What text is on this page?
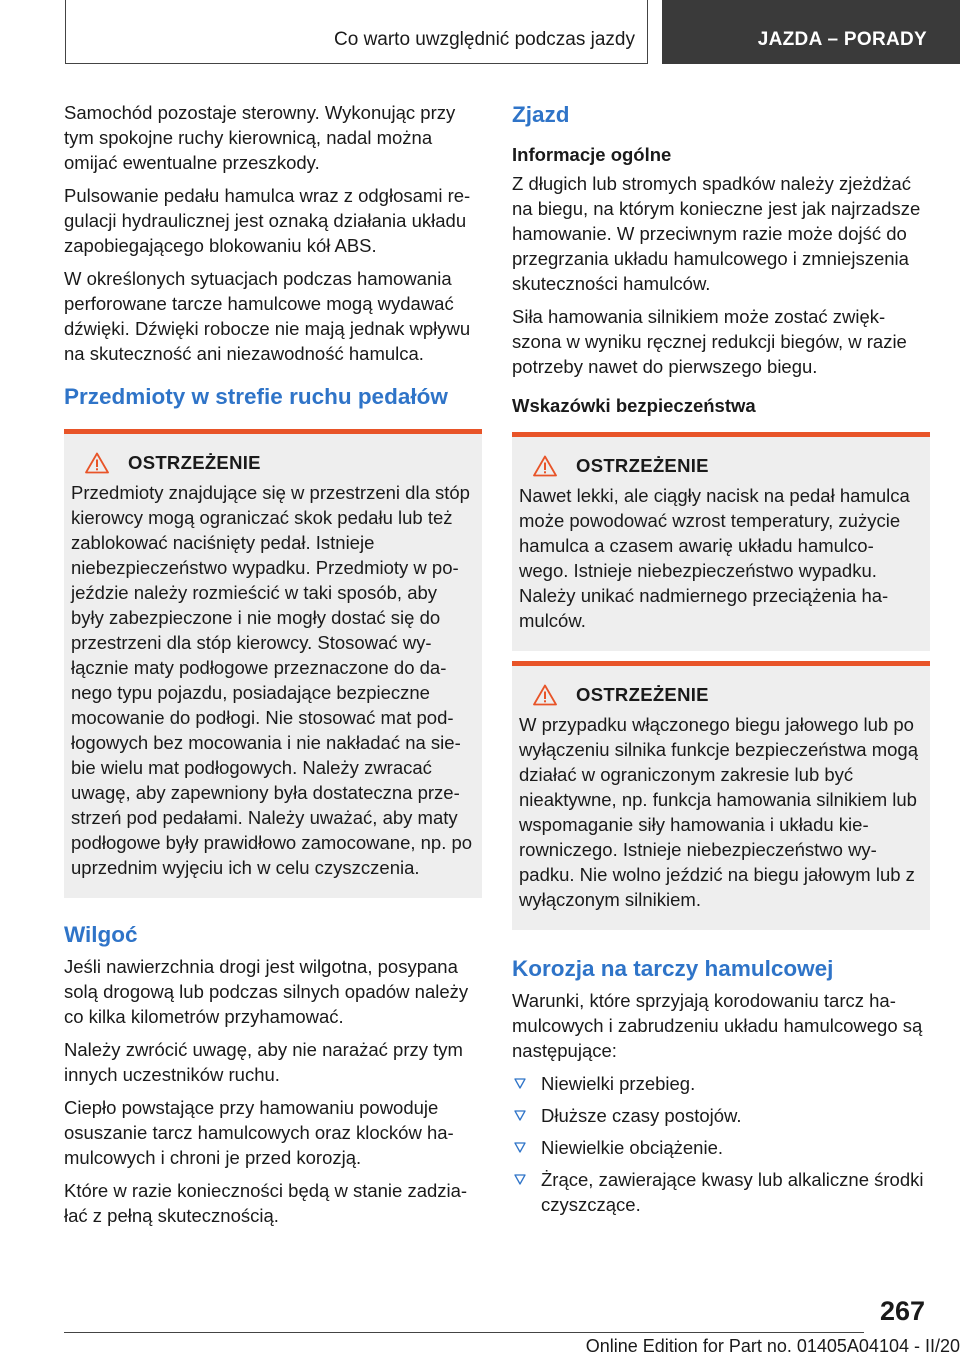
Co warto uwzględnić podczas jazdy	JAZDA – PORADY

Samochód pozostaje sterowny. Wykonując przy tym spokojne ruchy kierownicą, nadal można omijać ewentualne przeszkody.

Pulsowanie pedału hamulca wraz z odgłosami re‐gulacji hydraulicznej jest oznaką działania układu zapobiegającego blokowaniu kół ABS.

W określonych sytuacjach podczas hamowania perforowane tarcze hamulcowe mogą wydawać dźwięki. Dźwięki robocze nie mają jednak wpływu na skuteczność ani niezawodność hamulca.

Przedmioty w strefie ruchu pedałów
OSTRZEŻENIE

Przedmioty znajdujące się w przestrzeni dla stóp kierowcy mogą ograniczać skok pedału lub też zablokować naciśnięty pedał. Istnieje niebezpieczeństwo wypadku. Przedmioty w po‐jeździe należy rozmieścić w taki sposób, aby były zabezpieczone i nie mogły dostać się do przestrzeni dla stóp kierowcy. Stosować wy‐łącznie maty podłogowe przeznaczone do da‐nego typu pojazdu, posiadające bezpieczne mocowanie do podłogi. Nie stosować mat pod‐łogowych bez mocowania i nie nakładać na sie‐bie wielu mat podłogowych. Należy zwracać uwagę, aby zapewniony była dostateczna prze‐strzeń pod pedałami. Należy uważać, aby maty podłogowe były prawidłowo zamocowane, np. po uprzednim wyjęciu ich w celu czyszczenia.

Wilgoć

Jeśli nawierzchnia drogi jest wilgotna, posypana solą drogową lub podczas silnych opadów należy co kilka kilometrów przyhamować.

Należy zwrócić uwagę, aby nie narażać przy tym innych uczestników ruchu.

Ciepło powstające przy hamowaniu powoduje osuszanie tarcz hamulcowych oraz klocków ha‐mulcowych i chroni je przed korozją.

Które w razie konieczności będą w stanie zadzia‐łać z pełną skutecznością.

Zjazd
Informacje ogólne

Z długich lub stromych spadków należy zjeżdżać na biegu, na którym konieczne jest jak najrzadsze hamowanie. W przeciwnym razie może dojść do przegrzania układu hamulcowego i zmniejszenia skuteczności hamulców.

Siła hamowania silnikiem może zostać zwięk‐szona w wyniku ręcznej redukcji biegów, w razie potrzeby nawet do pierwszego biegu.

Wskazówki bezpieczeństwa
OSTRZEŻENIE

Nawet lekki, ale ciągły nacisk na pedał hamulca może powodować wzrost temperatury, zużycie hamulca a czasem awarię układu hamulco‐wego. Istnieje niebezpieczeństwo wypadku. Należy unikać nadmiernego przeciążenia ha‐mulców.

OSTRZEŻENIE

W przypadku włączonego biegu jałowego lub po wyłączeniu silnika funkcje bezpieczeństwa mogą działać w ograniczonym zakresie lub być nieaktywne, np. funkcja hamowania silnikiem lub wspomaganie siły hamowania i układu kie‐rowniczego. Istnieje niebezpieczeństwo wy‐padku. Nie wolno jeździć na biegu jałowym lub z wyłączonym silnikiem.

Korozja na tarczy hamulcowej

Warunki, które sprzyjają korodowaniu tarcz ha‐mulcowych i zabrudzeniu układu hamulcowego są następujące:

Niewielki przebieg.
Dłuższe czasy postojów.
Niewielkie obciążenie.
Żrące, zawierające kwasy lub alkaliczne środki czyszczące.
267
Online Edition for Part no. 01405A04104 - II/20
